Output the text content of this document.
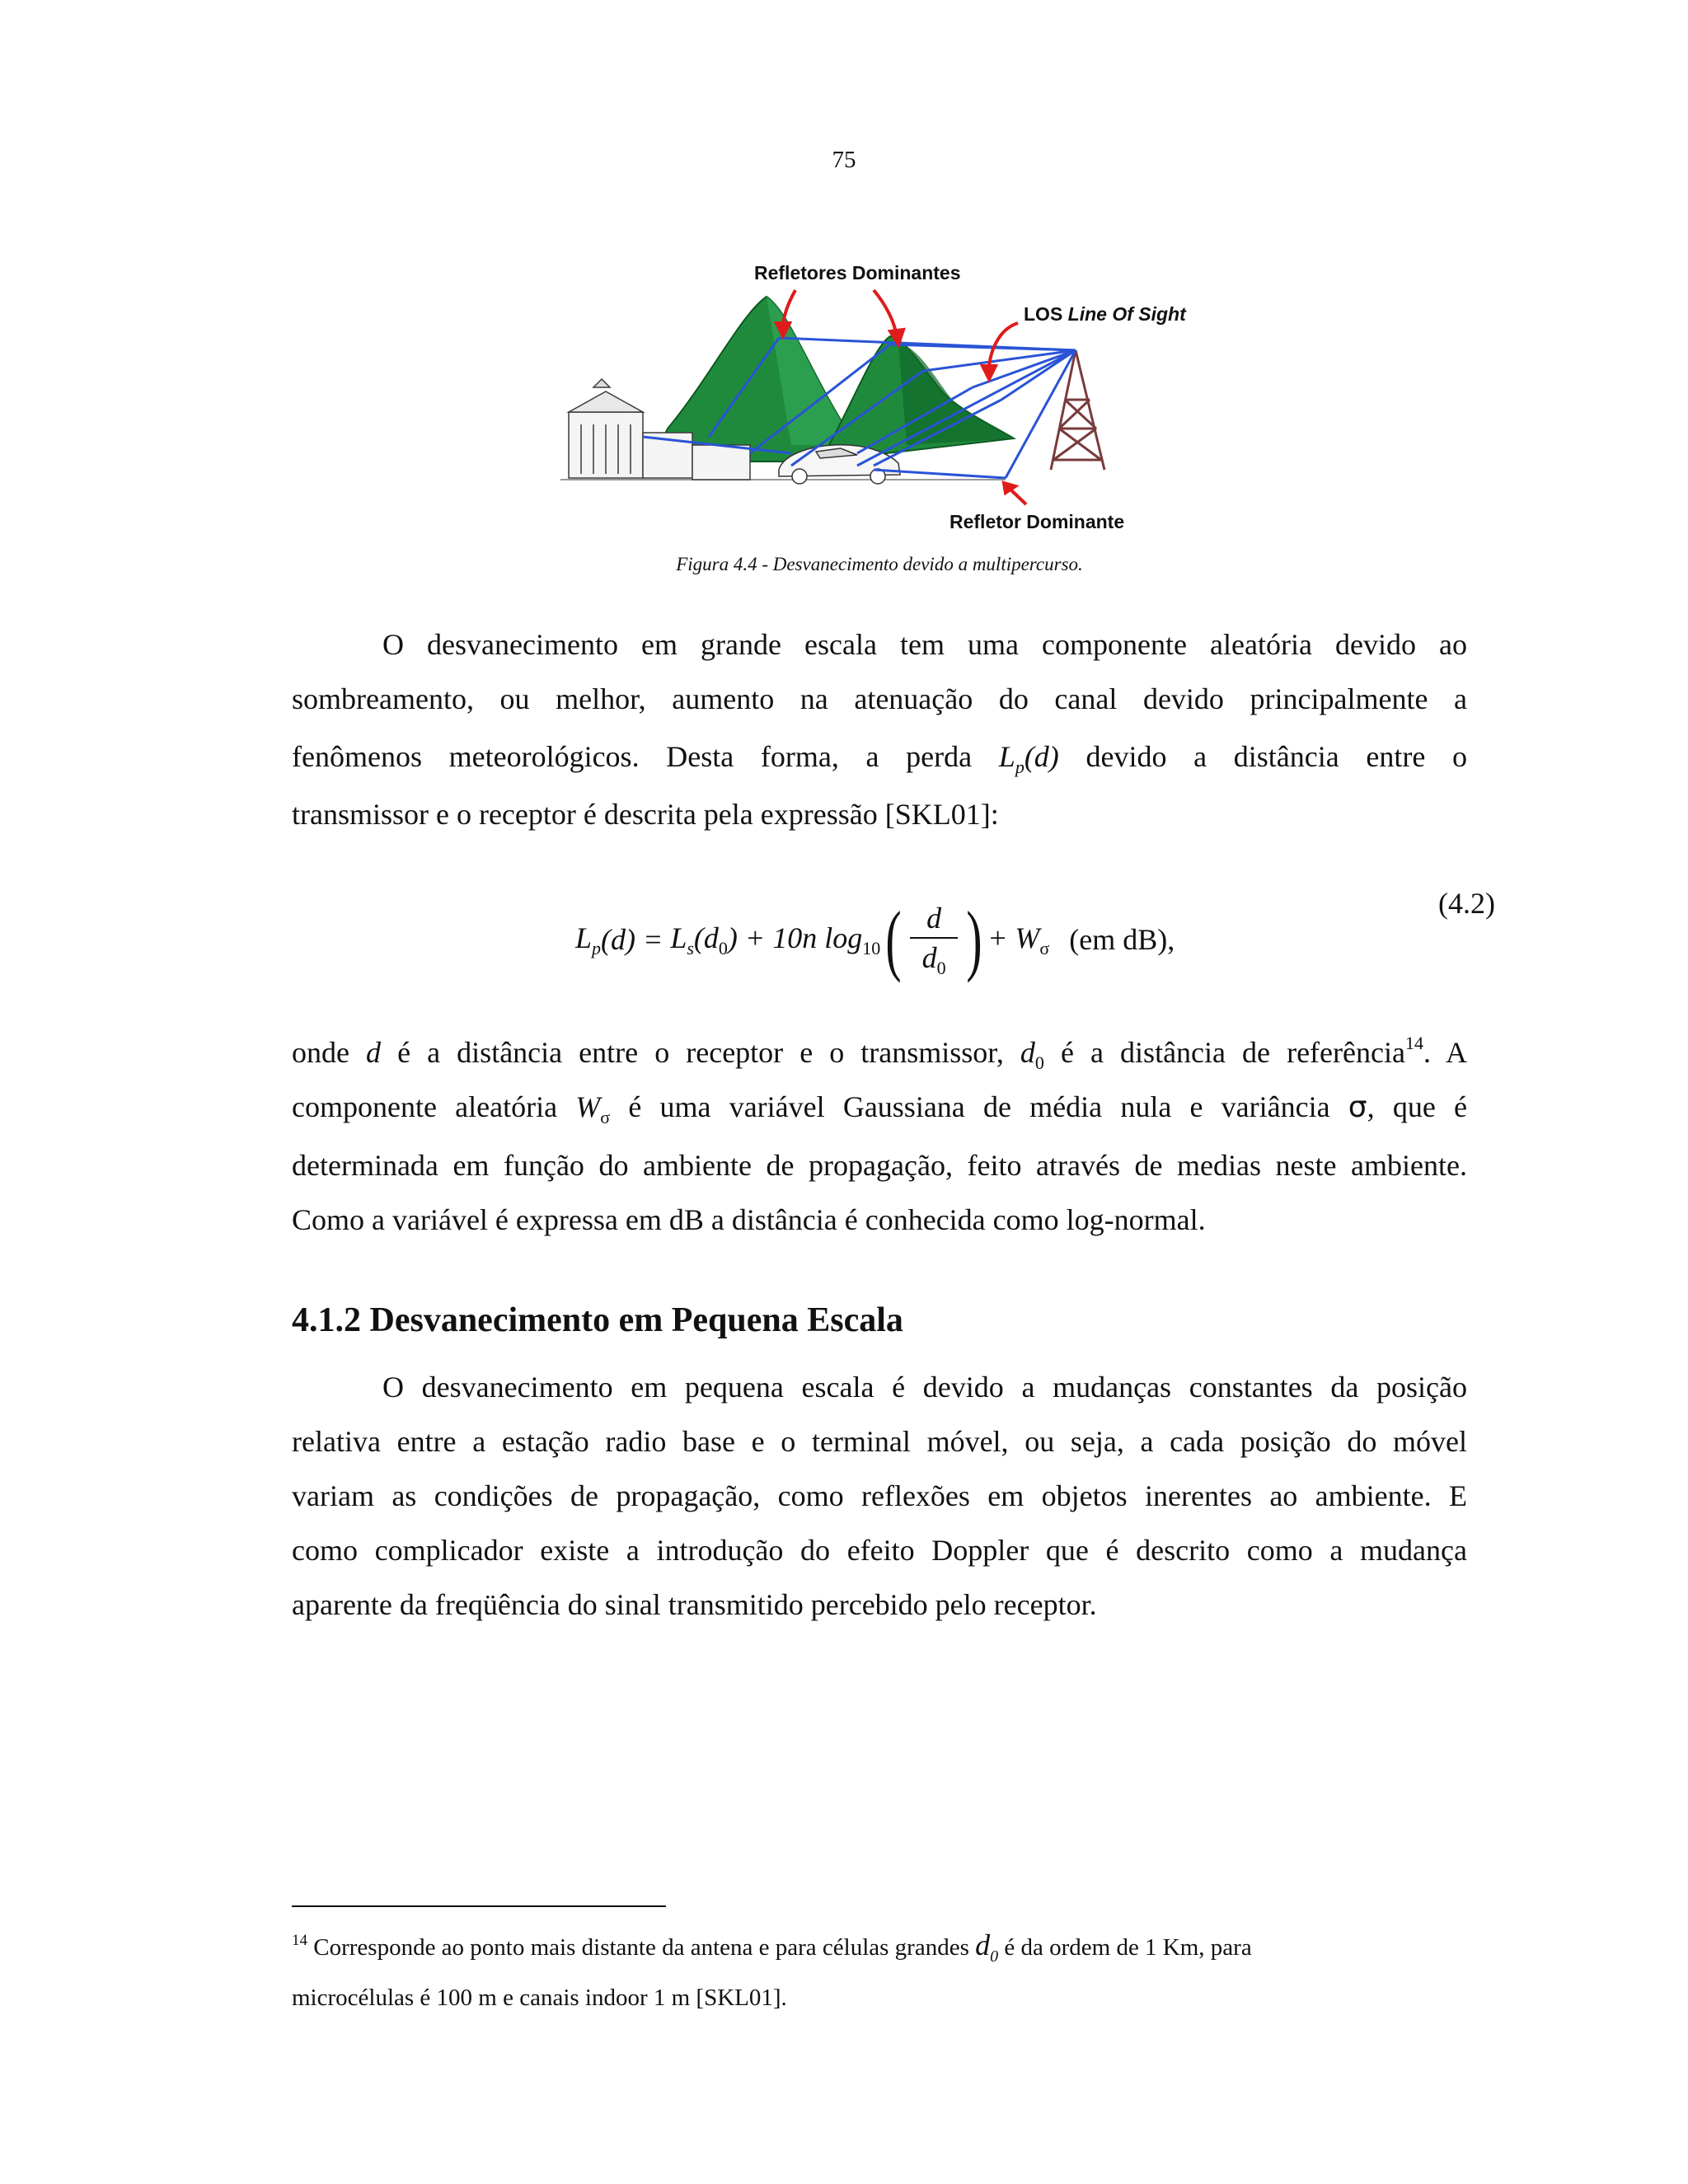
75
Refletores Dominantes
LOS Line Of Sight
Refletor Dominante
Figura 4.4 - Desvanecimento devido a multipercurso.
O desvanecimento em grande escala tem uma componente aleatória devido ao
sombreamento, ou melhor, aumento na atenuação do canal devido principalmente a
fenômenos meteorológicos. Desta forma, a perda $L_p(d)$ devido a distância entre o
transmissor e o receptor é descrita pela expressão [SKL01]:
$L_p$ $(d) = L_s$ $(d_0) + 10n$ $\log_{10}$ ( $\frac{d}{d_0}$ ) + $W_\sigma$ (em dB),
(4.2)
onde d é a distância entre o receptor e o transmissor, $d_0$ é a distância de referência$^{14}$. A
componente aleatória $W_\sigma$ é uma variável Gaussiana de média nula e variância σ, que é
determinada em função do ambiente de propagação, feito através de medias neste ambiente.
Como a variável é expressa em dB a distância é conhecida como log-normal.
4.1.2 Desvanecimento em Pequena Escala
O desvanecimento em pequena escala é devido a mudanças constantes da posição
relativa entre a estação radio base e o terminal móvel, ou seja, a cada posição do móvel
variam as condições de propagação, como reflexões em objetos inerentes ao ambiente. E
como complicador existe a introdução do efeito Doppler que é descrito como a mudança
aparente da freqüência do sinal transmitido percebido pelo receptor.
$^{14}$ Corresponde ao ponto mais distante da antena e para células grandes $d_0$ é da ordem de 1 Km, para
microcélulas é 100 m e canais indoor 1 m [SKL01].
